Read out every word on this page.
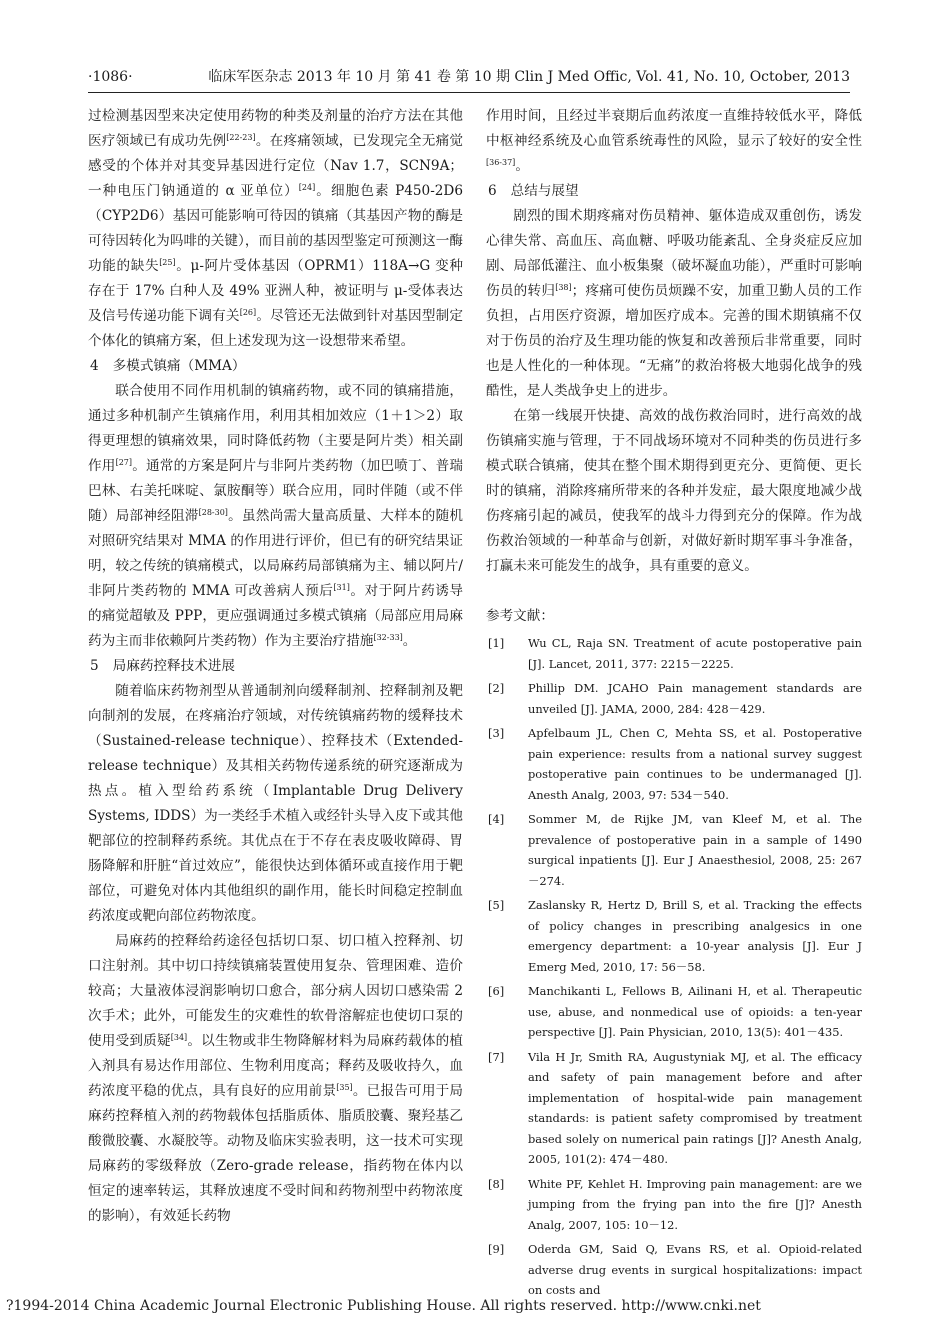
·1086·	临床军医杂志 2013 年 10 月 第 41 卷 第 10 期 Clin J Med Offic, Vol. 41, No. 10, October, 2013

过检测基因型来决定使用药物的种类及剂量的治疗方法在其他医疗领域已有成功先例[22-23]。在疼痛领域，已发现完全无痛觉感受的个体并对其变异基因进行定位（Nav 1.7，SCN9A；一种电压门钠通道的 α 亚单位）[24]。细胞色素 P450-2D6（CYP2D6）基因可能影响可待因的镇痛（其基因产物的酶是可待因转化为吗啡的关键），而目前的基因型鉴定可预测这一酶功能的缺失[25]。μ-阿片受体基因（OPRM1）118A→G 变种存在于 17% 白种人及 49% 亚洲人种，被证明与 μ-受体表达及信号传递功能下调有关[26]。尽管还无法做到针对基因型制定个体化的镇痛方案，但上述发现为这一设想带来希望。

4 多模式镇痛（MMA）

联合使用不同作用机制的镇痛药物，或不同的镇痛措施，通过多种机制产生镇痛作用，利用其相加效应（1＋1＞2）取得更理想的镇痛效果，同时降低药物（主要是阿片类）相关副作用[27]。通常的方案是阿片与非阿片类药物（加巴喷丁、普瑞巴林、右美托咪啶、氯胺酮等）联合应用，同时伴随（或不伴随）局部神经阻滞[28-30]。虽然尚需大量高质量、大样本的随机对照研究结果对 MMA 的作用进行评价，但已有的研究结果证明，较之传统的镇痛模式，以局麻药局部镇痛为主、辅以阿片/非阿片类药物的 MMA 可改善病人预后[31]。对于阿片药诱导的痛觉超敏及 PPP，更应强调通过多模式镇痛（局部应用局麻药为主而非依赖阿片类药物）作为主要治疗措施[32-33]。

5 局麻药控释技术进展

随着临床药物剂型从普通制剂向缓释制剂、控释制剂及靶向制剂的发展，在疼痛治疗领域，对传统镇痛药物的缓释技术（Sustained-release technique）、控释技术（Extended-release technique）及其相关药物传递系统的研究逐渐成为热点。植入型给药系统（Implantable Drug Delivery Systems, IDDS）为一类经手术植入或经针头导入皮下或其他靶部位的控制释药系统。其优点在于不存在表皮吸收障碍、胃肠降解和肝脏“首过效应”，能很快达到体循环或直接作用于靶部位，可避免对体内其他组织的副作用，能长时间稳定控制血药浓度或靶向部位药物浓度。

局麻药的控释给药途径包括切口泵、切口植入控释剂、切口注射剂。其中切口持续镇痛装置使用复杂、管理困难、造价较高；大量液体浸润影响切口愈合，部分病人因切口感染需 2 次手术；此外，可能发生的灾难性的软骨溶解症也使切口泵的使用受到质疑[34]。以生物或非生物降解材料为局麻药载体的植入剂具有易达作用部位、生物利用度高；释药及吸收持久，血药浓度平稳的优点，具有良好的应用前景[35]。已报告可用于局麻药控释植入剂的药物载体包括脂质体、脂质胶囊、聚羟基乙酸微胶囊、水凝胶等。动物及临床实验表明，这一技术可实现局麻药的零级释放（Zero-grade release，指药物在体内以恒定的速率转运，其释放速度不受时间和药物剂型中药物浓度的影响），有效延长药物

作用时间，且经过半衰期后血药浓度一直维持较低水平，降低中枢神经系统及心血管系统毒性的风险，显示了较好的安全性[36-37]。

6 总结与展望

剧烈的围术期疼痛对伤员精神、躯体造成双重创伤，诱发心律失常、高血压、高血糖、呼吸功能紊乱、全身炎症反应加剧、局部低灌注、血小板集聚（破坏凝血功能），严重时可影响伤员的转归[38]；疼痛可使伤员烦躁不安，加重卫勤人员的工作负担，占用医疗资源，增加医疗成本。完善的围术期镇痛不仅对于伤员的治疗及生理功能的恢复和改善预后非常重要，同时也是人性化的一种体现。“无痛”的救治将极大地弱化战争的残酷性，是人类战争史上的进步。

在第一线展开快捷、高效的战伤救治同时，进行高效的战伤镇痛实施与管理，于不同战场环境对不同种类的伤员进行多模式联合镇痛，使其在整个围术期得到更充分、更简便、更长时的镇痛，消除疼痛所带来的各种并发症，最大限度地减少战伤疼痛引起的减员，使我军的战斗力得到充分的保障。作为战伤救治领域的一种革命与创新，对做好新时期军事斗争准备，打赢未来可能发生的战争，具有重要的意义。

参考文献：
[1]	Wu CL, Raja SN. Treatment of acute postoperative pain [J]. Lancet, 2011, 377: 2215－2225.
[2]	Phillip DM. JCAHO Pain management standards are unveiled [J]. JAMA, 2000, 284: 428－429.
[3]	Apfelbaum JL, Chen C, Mehta SS, et al. Postoperative pain experience: results from a national survey suggest postoperative pain continues to be undermanaged [J]. Anesth Analg, 2003, 97: 534－540.
[4]	Sommer M, de Rijke JM, van Kleef M, et al. The prevalence of postoperative pain in a sample of 1490 surgical inpatients [J]. Eur J Anaesthesiol, 2008, 25: 267－274.
[5]	Zaslansky R, Hertz D, Brill S, et al. Tracking the effects of policy changes in prescribing analgesics in one emergency department: a 10-year analysis [J]. Eur J Emerg Med, 2010, 17: 56－58.
[6]	Manchikanti L, Fellows B, Ailinani H, et al. Therapeutic use, abuse, and nonmedical use of opioids: a ten-year perspective [J]. Pain Physician, 2010, 13(5): 401－435.
[7]	Vila H Jr, Smith RA, Augustyniak MJ, et al. The efficacy and safety of pain management before and after implementation of hospital-wide pain management standards: is patient safety compromised by treatment based solely on numerical pain ratings [J]? Anesth Analg, 2005, 101(2): 474－480.
[8]	White PF, Kehlet H. Improving pain management: are we jumping from the frying pan into the fire [J]? Anesth Analg, 2007, 105: 10－12.
[9]	Oderda GM, Said Q, Evans RS, et al. Opioid-related adverse drug events in surgical hospitalizations: impact on costs and
?1994-2014 China Academic Journal Electronic Publishing House. All rights reserved. http://www.cnki.net
